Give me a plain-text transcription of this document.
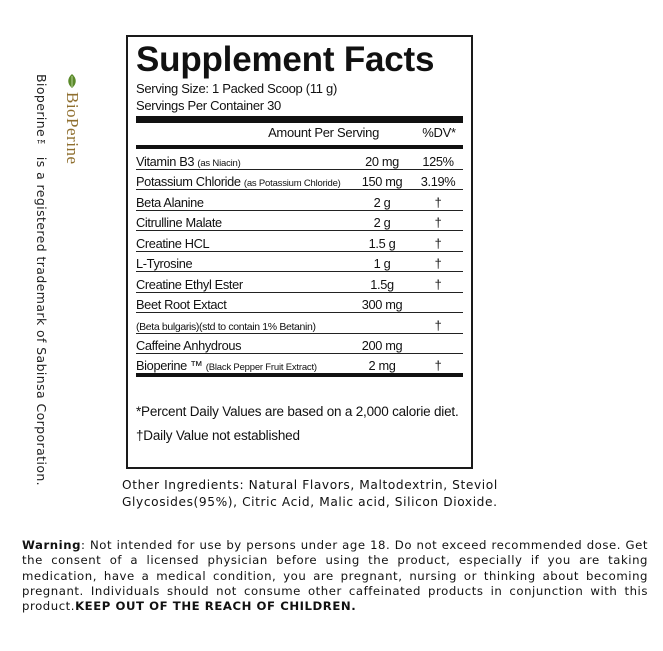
Bioperine™ is a registered trademark of Sabinsa Corporation. BioPerine
Supplement Facts
Serving Size: 1 Packed Scoop (11 g)
Servings Per Container 30
Amount Per Serving	%DV*
Vitamin B3 (as Niacin)	20 mg	125%
Potassium Chloride (as Potassium Chloride)	150 mg	3.19%
Beta Alanine	2 g	†
Citrulline Malate	2 g	†
Creatine HCL	1.5 g	†
L-Tyrosine	1 g	†
Creatine Ethyl Ester	1.5g	†
Beet Root Extact	300 mg
(Beta bulgaris)(std to contain 1% Betanin)	†
Caffeine Anhydrous	200 mg
Bioperine ™ (Black Pepper Fruit Extract)	2 mg	†
*Percent Daily Values are based on a 2,000 calorie diet.
†Daily Value not established
Other Ingredients: Natural Flavors, Maltodextrin, Steviol Glycosides(95%), Citric Acid, Malic acid, Silicon Dioxide.
Warning: Not intended for use by persons under age 18. Do not exceed recommended dose. Get the consent of a licensed physician before using the product, especially if you are taking medication, have a medical condition, you are pregnant, nursing or thinking about becoming pregnant. Individuals should not consume other caffeinated products in conjunction with this product.KEEP OUT OF THE REACH OF CHILDREN.
